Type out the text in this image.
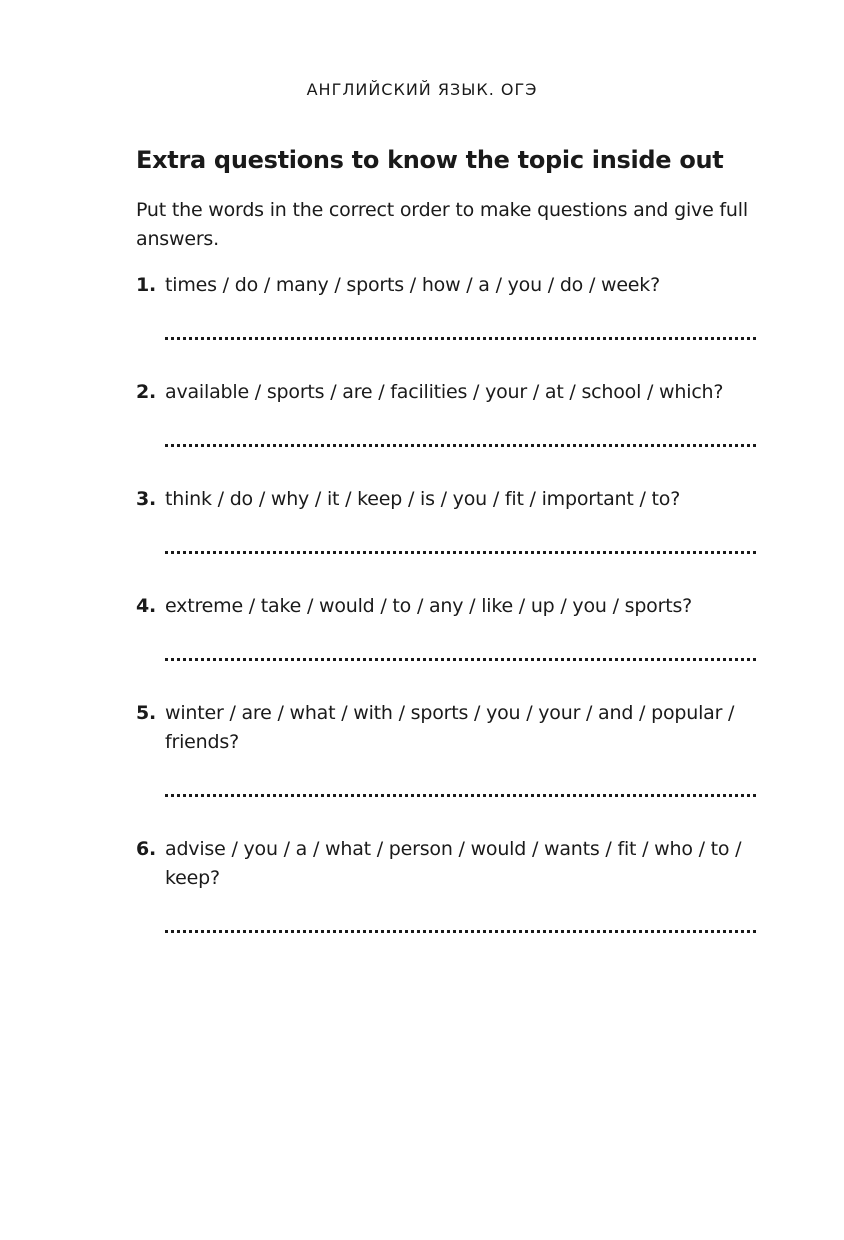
АНГЛИЙСКИЙ ЯЗЫК. ОГЭ
Extra questions to know the topic inside out
Put the words in the correct order to make questions and give full answers.
1. times / do / many / sports / how / a / you / do / week?
2. available / sports / are / facilities / your / at / school / which?
3. think / do / why / it / keep / is / you / fit / important / to?
4. extreme / take / would / to / any / like / up / you / sports?
5. winter / are / what / with / sports / you / your / and / popular / friends?
6. advise / you / a / what / person / would / wants / fit / who / to / keep?
